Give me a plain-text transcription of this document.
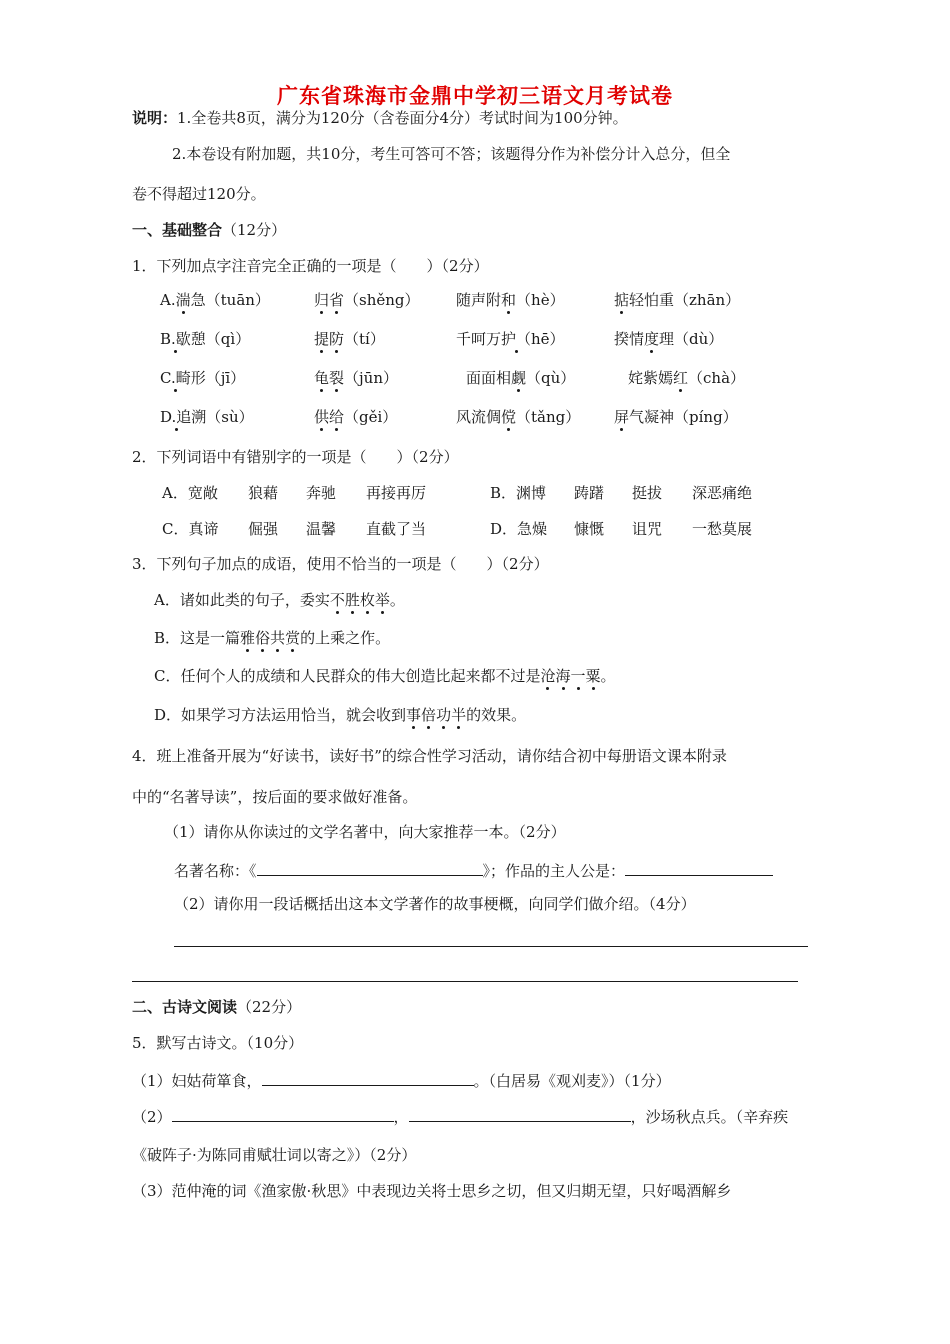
广东省珠海市金鼎中学初三语文月考试卷
说明：1.全卷共8页，满分为120分（含卷面分4分）考试时间为100分钟。
2.本卷设有附加题，共10分，考生可答可不答；该题得分作为补偿分计入总分，但全
卷不得超过120分。
一、基础整合（12分）
1．下列加点字注音完全正确的一项是（　　）（2分）
A.湍急（tuān）	归省（shěng） 随声附和（hè）	掂轻怕重（zhān）
B.歇憩（qì）	提防（tí）	千呵万护（hē）	揆情度理（dù）
C.畸形（jī）	龟裂（jūn）	面面相觑（qù）	姹紫嫣红（chà）
D.追溯（sù）	供给（gěi）	风流倜傥（tǎng） 屏气凝神（píng）
2．下列词语中有错别字的一项是（　　）（2分）
A．宽敞 狼藉 奔驰 再接再厉	B．渊博 踌躇 挺拔 深恶痛绝
C．真谛 倔强 温馨 直截了当	D．急燥 慷慨 诅咒 一愁莫展
3．下列句子加点的成语，使用不恰当的一项是（　　）（2分）
A．诸如此类的句子，委实不胜枚举。
B．这是一篇雅俗共赏的上乘之作。
C．任何个人的成绩和人民群众的伟大创造比起来都不过是沧海一粟。
D．如果学习方法运用恰当，就会收到事倍功半的效果。
4．班上准备开展为“好读书，读好书”的综合性学习活动，请你结合初中每册语文课本附录
中的“名著导读”，按后面的要求做好准备。
（1）请你从你读过的文学名著中，向大家推荐一本。（2分）
名著名称：《	》；作品的主人公是：
（2）请你用一段话概括出这本文学著作的故事梗概，向同学们做介绍。（4分）
二、古诗文阅读（22分）
5．默写古诗文。（10分）
（1）妇姑荷箪食，	。（白居易《观刈麦》）（1分）
（2）	，	，沙场秋点兵。（辛弃疾
《破阵子·为陈同甫赋壮词以寄之》）（2分）
（3）范仲淹的词《渔家傲·秋思》中表现边关将士思乡之切，但又归期无望，只好喝酒解乡
